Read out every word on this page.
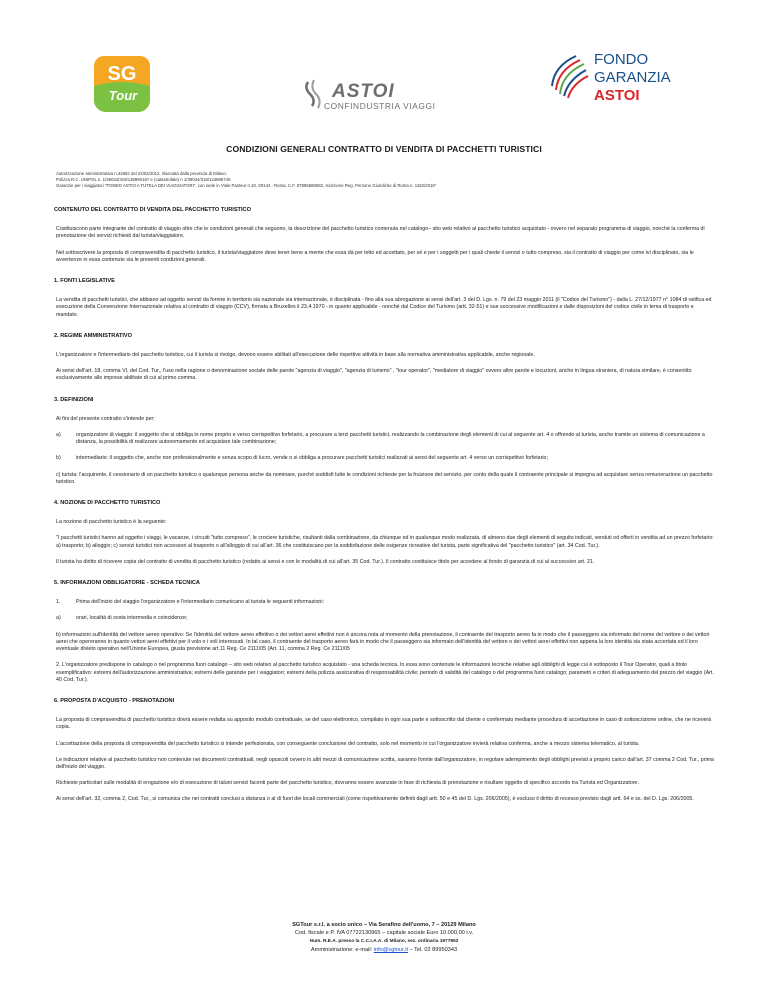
SG
Tour	ASTOI
CONFINDUSTRIA VIAGGI
FONDO
GARANZIA
ASTOI
CONDIZIONI GENERALI CONTRATTO DI VENDITA DI PACCHETTI TURISTICI
Autorizzazione amministrativa n.32582 del 22/02/2012, rilasciata dalla provincia di Milano.
Polizza R.C. UNIPOL n. 1/39034/319/136990167 e (catastrofale) n 1/39034/319/124885745
Garanzie per i viaggiatori "FONDO ASTOI A TUTELA DEI VIAGGIATORI", con sede in Viale Pasteur n.10, 00144 - Roma, C.F. 97896580582, Iscrizione Reg. Persone Giuridiche di Roma n. 1162/2016"

CONTENUTO DEL CONTRATTO DI VENDITA DEL PACCHETTO TURISTICO

Costituiscono parte integrante del contratto di viaggio oltre che le condizioni generali che seguono, la descrizione del pacchetto turistico contenuta nel catalogo– sito web relativo al pacchetto turistico acquistato - ovvero nel separato programma di viaggio, nonché la conferma di prenotazione dei servizi richiesti dal turista/viaggiatore.

Nel sottoscrivere la proposta di compravendita di pacchetto turistico, il turista/viaggiatore deve tener bene a mente che essa dà per letto ed accettato, per sé e per i soggetti per i quali chiede il servizi o tutto compreso, sia il contratto di viaggio per come ivi disciplinato, sia le avvertenze in essa contenute sia le presenti condizioni generali.

1. FONTI LEGISLATIVE

La vendita di pacchetti turistici, che abbiano ad oggetto servizi da fornire in territorio sia nazionale sia internazionale, è disciplinata - fino alla sua abrogazione ai sensi dell'art. 3 del D. Lgs. n. 79 del 23 maggio 2011 (il "Codice del Turismo") - dalla L. 27/12/1977 n° 1084 di ratifica ed esecuzione della Convenzione Internazionale relativa al contratto di viaggio (CCV), firmata a Bruxelles il 23.4.1970 - in quanto applicabile - nonché dal Codice del Turismo (artt. 32-51) e sue successive modificazioni e dalle disposizioni del codice civile in tema di trasporto e mandato.

2. REGIME AMMINISTRATIVO

L'organizzatore e l'intermediario del pacchetto turistico, cui il turista si rivolge, devono essere abilitati all'esecuzione delle rispettive attività in base alla normativa amministrativa applicabile, anche regionale.

Ai sensi dell'art. 18, comma VI, del Cod. Tur., l'uso nella ragione o denominazione sociale delle parole "agenzia di viaggio", "agenzia di turismo" , "tour operator", "mediatore di viaggio" ovvero altre parole e locuzioni, anche in lingua straniera, di natura similare, è consentito esclusivamente alle imprese abilitate di cui al primo comma.

3. DEFINIZIONI

Ai fini del presente contratto s'intende per:

a)	organizzatore di viaggio: il soggetto che si obbliga in nome proprio e verso corrispettivo forfetario, a procurare a terzi pacchetti turistici, realizzando la combinazione degli elementi di cui al seguente art. 4 o offrendo al turista, anche tramite un sistema di comunicazione a distanza, la possibilità di realizzare autonomamente ed acquistare tale combinazione;

b)	intermediario: il soggetto che, anche non professionalmente e senza scopo di lucro, vende o si obbliga a procurare pacchetti turistici realizzati ai sensi del seguente art. 4 verso un corrispettivo forfetario;

c) turista: l'acquirente, il cessionario di un pacchetto turistico o qualunque persona anche da nominare, purché soddisfi tutte le condizioni richieste per la fruizione del servizio, per conto della quale il contraente principale si impegna ad acquistare senza remunerazione un pacchetto turistico.

4. NOZIONE DI PACCHETTO TURISTICO

La nozione di pacchetto turistico è la seguente:

"I pacchetti turistici hanno ad oggetto i viaggi, le vacanze, i circuiti "tutto compreso", le crociere turistiche, risultanti dalla combinazione, da chiunque ed in qualunque modo realizzata, di almeno due degli elementi di seguito indicati, venduti od offerti in vendita ad un prezzo forfetario: a) trasporto; b) alloggio; c) servizi turistici non accessori al trasporto o all'alloggio di cui all'art. 36 che costituiscano per la soddisfazione delle esigenze ricreative del turista, parte significativa del "pacchetto turistico" (art. 34 Cod. Tur.).

Il turista ha diritto di ricevere copia del contratto di vendita di pacchetto turistico (redatto ai sensi e con le modalità di cui all'art. 35 Cod. Tur.). Il contratto costituisce titolo per accedere al fondo di garanzia di cui al successivo art. 21.

5. INFORMAZIONI OBBLIGATORIE - SCHEDA TECNICA

1.	Prima dell'inizio del viaggio l'organizzatore e l'intermediario comunicano al turista le seguenti informazioni:

a)	orari, località di sosta intermedia e coincidenze;

b) informazioni sull'identità del vettore aereo operativo: Se l'identità del vettore aereo effettivo o dei vettori aerei effettivi non è ancora nota al momento della prenotazione, il contraente del trasporto aereo fa in modo che il passeggero sia informato del nome del vettore o dei vettori aerei che opereranno in quanto vettori aerei effettivi per il volo o i voli interessati. In tal caso, il contraente del trasporto aereo farà in modo che il passeggero sia informato dell'identità del vettore o dei vettori aerei effettivi non appena la loro identità sia stata accertata ed il loro eventuale divieto operativo nell'Unione Europea, giusta previsione art.11 Reg. Ce 2111\05 (Art. 11, comma 2 Reg. Ce 2111/05

2. L'organizzatore predispone in catalogo o nel programma fuori catalogo – sito web relativo al pacchetto turistico acquistato - una scheda tecnica. In essa sono contenute le informazioni tecniche relative agli obblighi di legge cui è sottoposto il Tour Operator, quali a titolo esemplificativo: estremi dell'autorizzazione amministrativa; estremi delle garanzie per i viaggiatori; estremi della polizza assicurativa di responsabilità civile; periodo di validità del catalogo o del programma fuori catalogo; parametri e criteri di adeguamento del prezzo del viaggio (Art. 40 Cod. Tur.).

6. PROPOSTA D'ACQUISTO - PRENOTAZIONI

La proposta di compravendita di pacchetto turistico dovrà essere redatta su apposito modulo contrattuale, se del caso elettronico, compilato in ogni sua parte e sottoscritto dal cliente o confermato mediante procedura di accettazione in caso di sottoscrizione online, che ne riceverà copia.

L'accettazione della proposta di compravendita del pacchetto turistico si intende perfezionata, con conseguente conclusione del contratto, solo nel momento in cui l'organizzatore invierà relativa conferma, anche a mezzo sistema telematico, al turista.

Le indicazioni relative al pacchetto turistico non contenute nei documenti contrattuali, negli opuscoli ovvero in altri mezzi di comunicazione scritta, saranno fornite dall'organizzatore, in regolare adempimento degli obblighi previsti a proprio carico dall'art. 37 comma 2 Cod. Tur., prima dell'inizio del viaggio.

Richieste particolari sulle modalità di erogazione e/o di esecuzione di taluni servizi facenti parte del pacchetto turistico, dovranno essere avanzate in fase di richiesta di prenotazione e risultare oggetto di specifico accordo tra Turista ed Organizzatore.

Ai sensi dell'art. 32, comma 2, Cod. Tur., si comunica che nei contratti conclusi a distanza o al di fuori dei locali commerciali (come rispettivamente definiti dagli artt. 50 e 45 del D. Lgs. 206/2005), è escluso il diritto di recesso previsto dagli artt. 64 e ss. del D. Lgs. 206/2005.

SGTour s.r.l. a socio unico – Via Serafino dell'uomo, 7 – 20129 Milano
Cod. fiscale e P. IVA 07722130965 – capitale sociale Euro 10.000,00 i.v.
Num. R.E.A. presso la C.C.I.A.A. di Milano, sez. ordinaria 1977952
Amministrazione: e-mail: info@sgtour.it – Tel. 02 89950343
